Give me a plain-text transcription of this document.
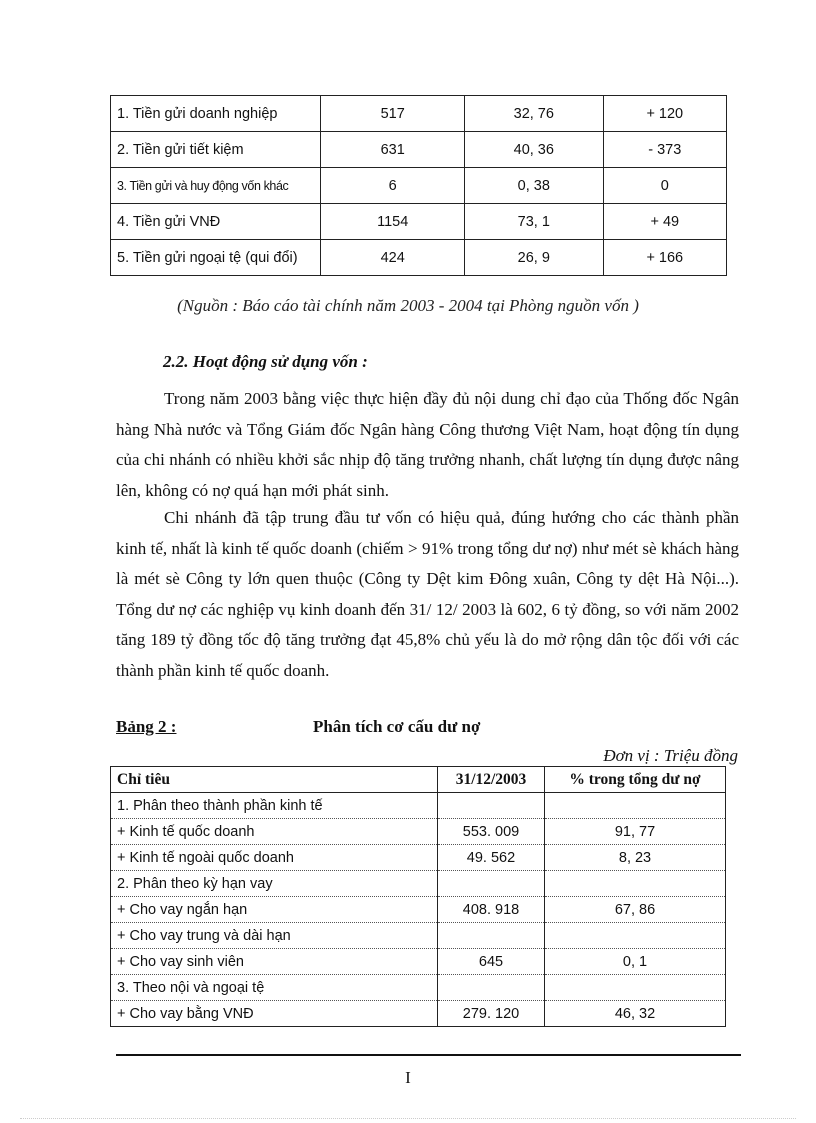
1. Tiền gửi doanh nghiệp	517	32, 76	+ 120
2. Tiền gửi tiết kiệm	631	40, 36	- 373
3. Tiền gửi và huy động vốn khác	6	0, 38	0
4. Tiền gửi VNĐ	1154	73, 1	+ 49
5. Tiền gửi ngoại tệ (qui đổi)	424	26, 9	+ 166
(Nguồn : Báo cáo tài chính năm 2003 - 2004 tại Phòng nguồn vốn )
2.2. Hoạt động sử dụng vốn :

Trong năm 2003 bằng việc thực hiện đầy đủ nội dung chỉ đạo của Thống đốc Ngân hàng Nhà nước và Tổng Giám đốc Ngân hàng Công thương Việt Nam, hoạt động tín dụng của chi nhánh có nhiều khởi sắc nhịp độ tăng trưởng nhanh, chất lượng tín dụng được nâng lên, không có nợ quá hạn mới phát sinh.

Chi nhánh đã tập trung đầu tư vốn có hiệu quả, đúng hướng cho các thành phần kinh tế, nhất là kinh tế quốc doanh (chiếm > 91% trong tổng dư nợ) như mét sè khách hàng là mét sè Công ty lớn quen thuộc (Công ty Dệt kim Đông xuân, Công ty dệt Hà Nội...). Tổng dư nợ các nghiệp vụ kinh doanh đến 31/ 12/ 2003 là 602, 6 tỷ đồng, so với năm 2002 tăng 189 tỷ đồng tốc độ tăng trưởng đạt 45,8% chủ yếu là do mở rộng dân tộc đối với các thành phần kinh tế quốc doanh.

Bảng 2 :	Phân tích cơ cấu dư nợ
Đơn vị : Triệu đồng
Chỉ tiêu	31/12/2003	% trong tổng dư nợ
1. Phân theo thành phần kinh tế		
+ Kinh tế quốc doanh	553. 009	91, 77
+ Kinh tế ngoài quốc doanh	49. 562	8, 23
2. Phân theo kỳ hạn vay		
+ Cho vay ngắn hạn	408. 918	67, 86
+ Cho vay trung và dài hạn		
+ Cho vay sinh viên	645	0, 1
3. Theo nội và ngoại tệ		
+ Cho vay bằng VNĐ	279. 120	46, 32
I
